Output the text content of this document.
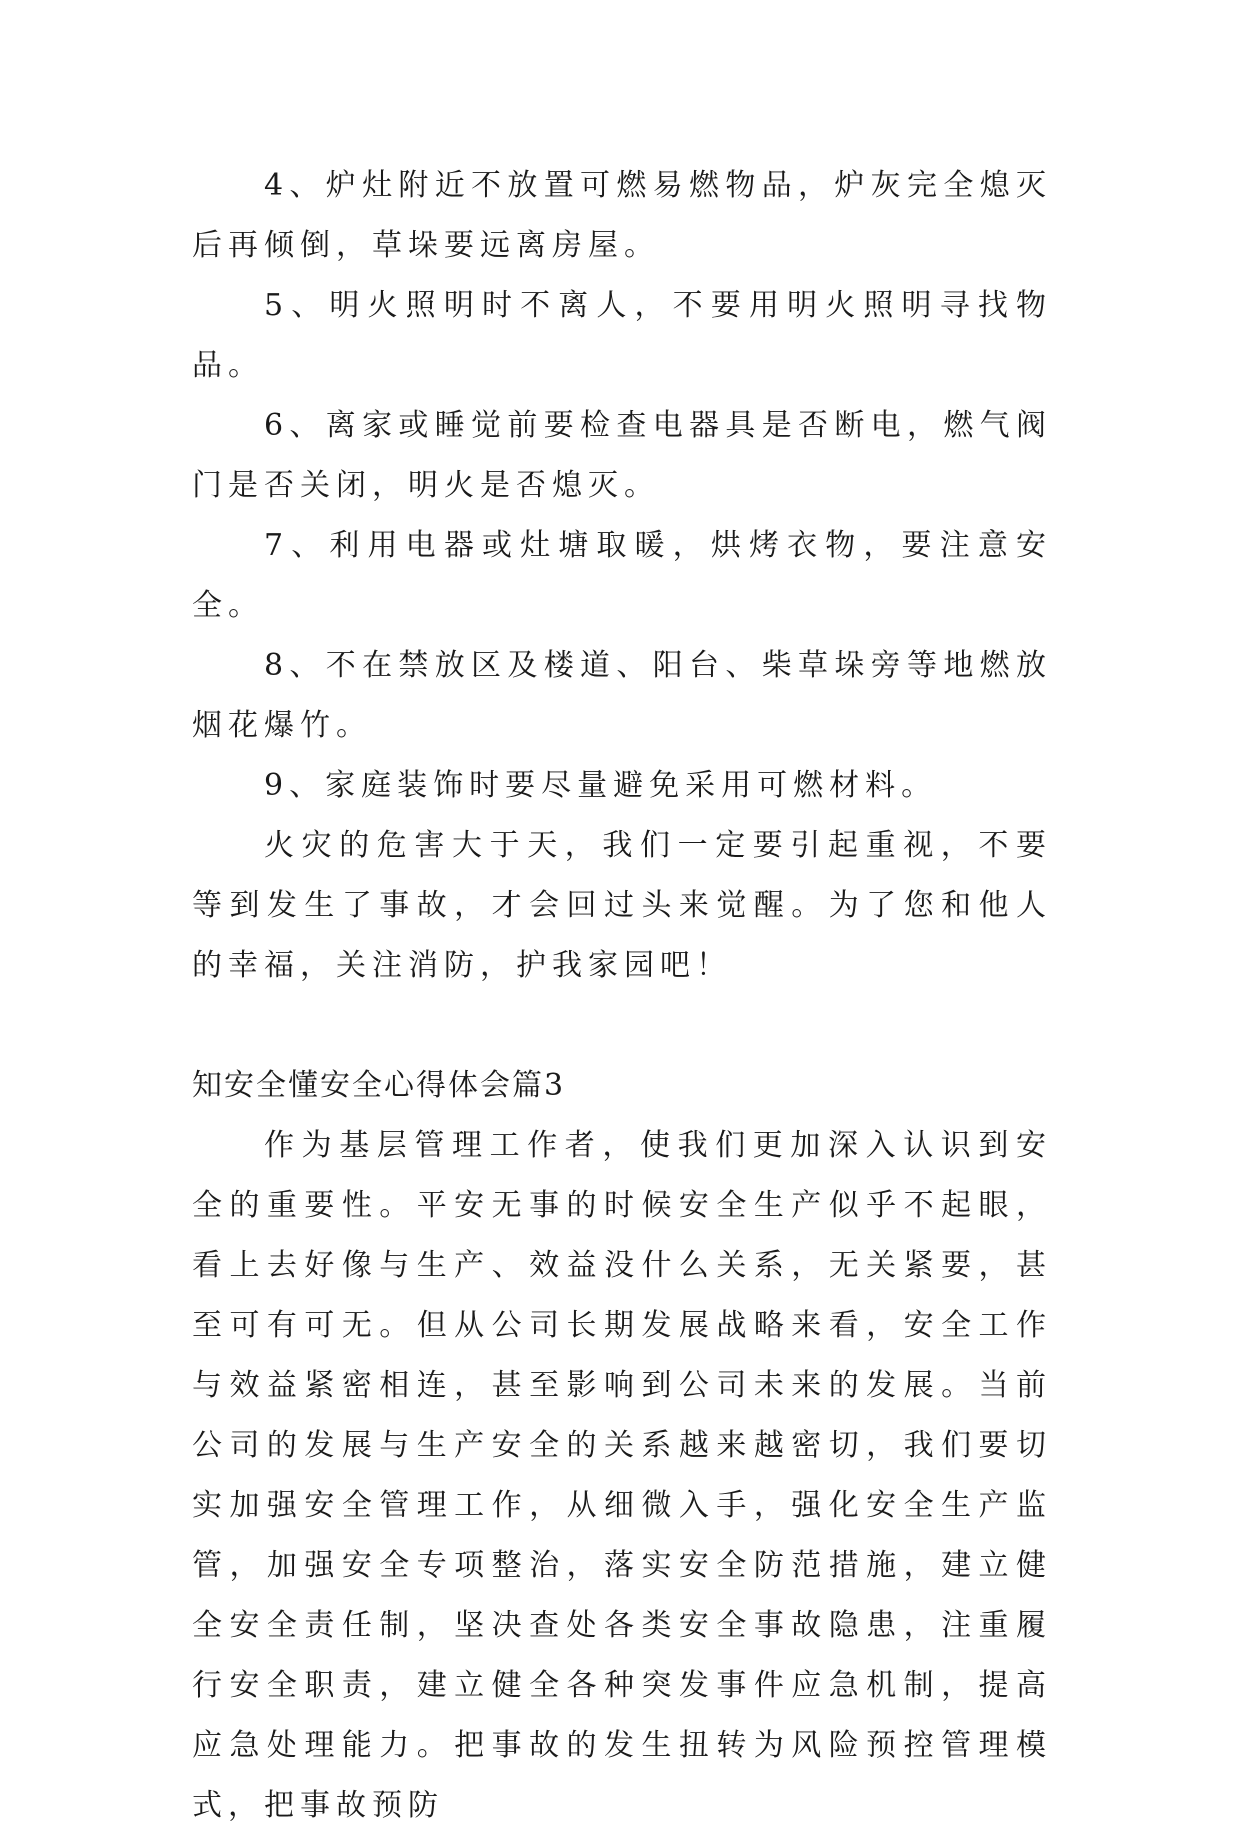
4、炉灶附近不放置可燃易燃物品，炉灰完全熄灭后再倾倒，草垛要远离房屋。

5、明火照明时不离人，不要用明火照明寻找物品。

6、离家或睡觉前要检查电器具是否断电，燃气阀门是否关闭，明火是否熄灭。

7、利用电器或灶塘取暖，烘烤衣物，要注意安全。

8、不在禁放区及楼道、阳台、柴草垛旁等地燃放烟花爆竹。

9、家庭装饰时要尽量避免采用可燃材料。

火灾的危害大于天，我们一定要引起重视，不要等到发生了事故，才会回过头来觉醒。为了您和他人的幸福，关注消防，护我家园吧！

知安全懂安全心得体会篇3

作为基层管理工作者，使我们更加深入认识到安全的重要性。平安无事的时候安全生产似乎不起眼，看上去好像与生产、效益没什么关系，无关紧要，甚至可有可无。但从公司长期发展战略来看，安全工作与效益紧密相连，甚至影响到公司未来的发展。当前公司的发展与生产安全的关系越来越密切，我们要切实加强安全管理工作，从细微入手，强化安全生产监管，加强安全专项整治，落实安全防范措施，建立健全安全责任制，坚决查处各类安全事故隐患，注重履行安全职责，建立健全各种突发事件应急机制，提高应急处理能力。把事故的发生扭转为风险预控管理模式，把事故预防
